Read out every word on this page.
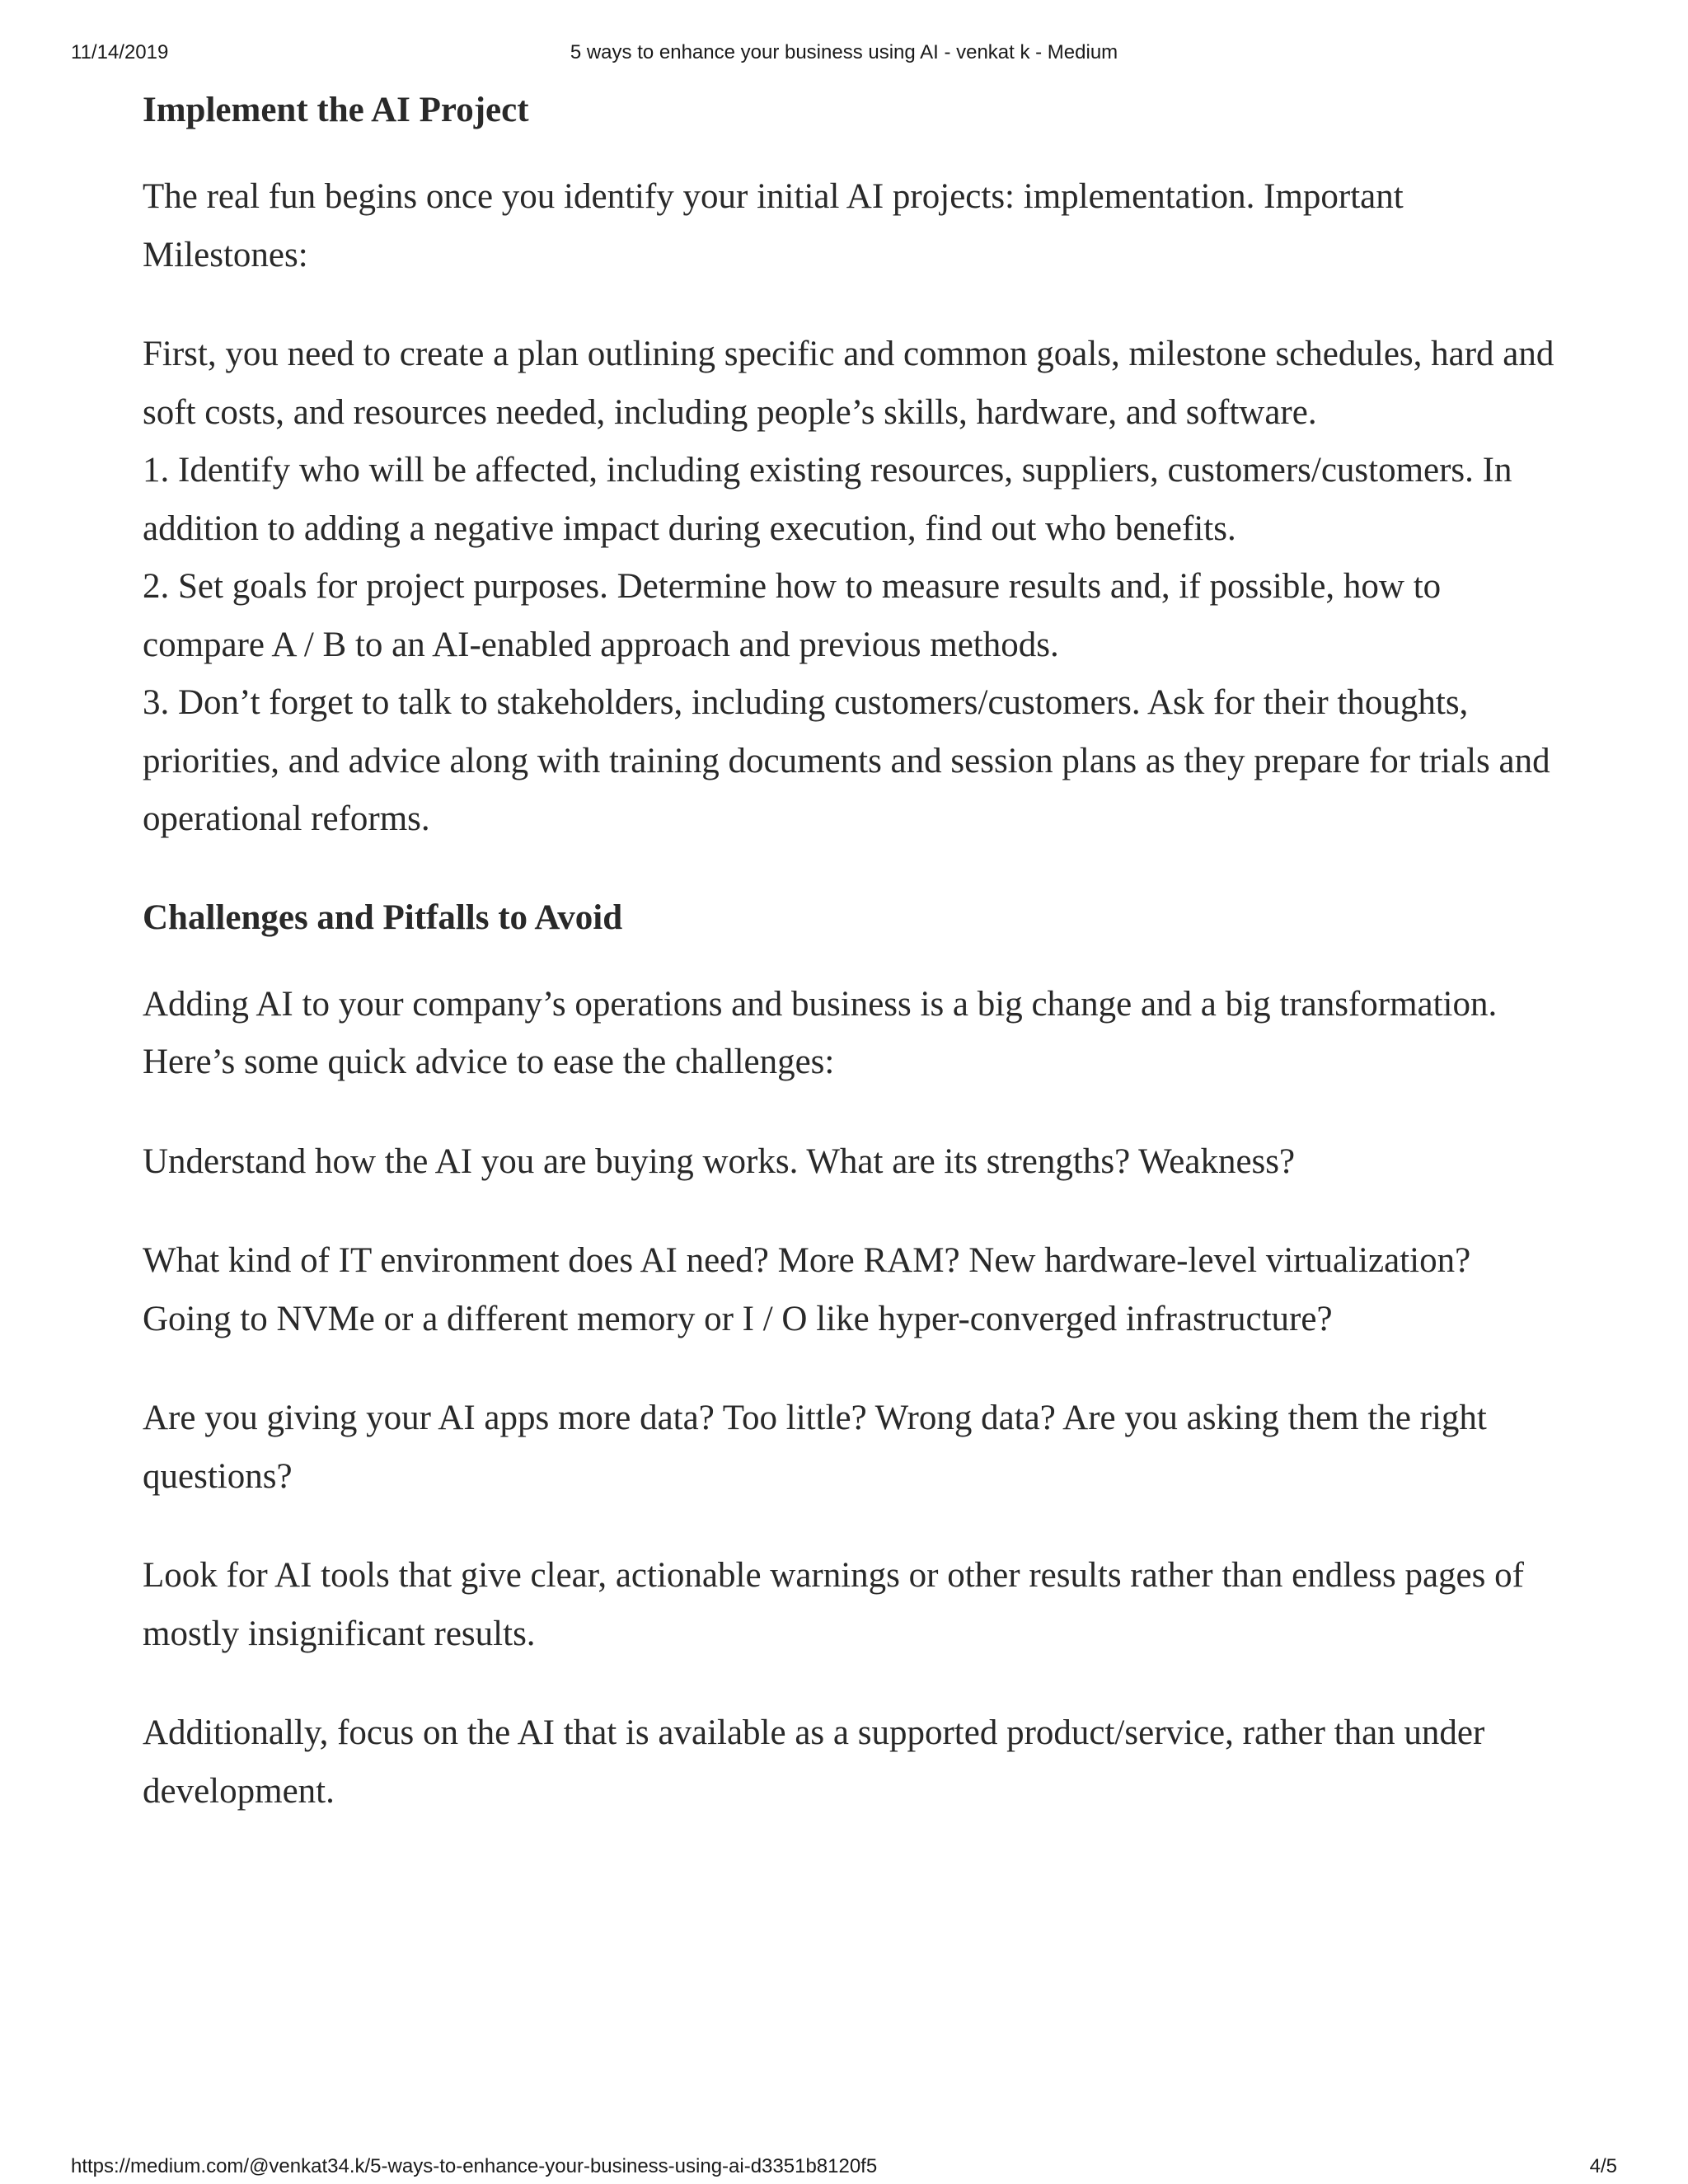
11/14/2019	5 ways to enhance your business using AI - venkat k - Medium
Implement the AI Project

The real fun begins once you identify your initial AI projects: implementation. Important Milestones:

First, you need to create a plan outlining specific and common goals, milestone schedules, hard and soft costs, and resources needed, including people’s skills, hardware, and software.
1. Identify who will be affected, including existing resources, suppliers, customers/customers. In addition to adding a negative impact during execution, find out who benefits.
2. Set goals for project purposes. Determine how to measure results and, if possible, how to compare A / B to an AI-enabled approach and previous methods.
3. Don’t forget to talk to stakeholders, including customers/customers. Ask for their thoughts, priorities, and advice along with training documents and session plans as they prepare for trials and operational reforms.

Challenges and Pitfalls to Avoid

Adding AI to your company’s operations and business is a big change and a big transformation. Here’s some quick advice to ease the challenges:

Understand how the AI you are buying works. What are its strengths? Weakness?

What kind of IT environment does AI need? More RAM? New hardware-level virtualization? Going to NVMe or a different memory or I / O like hyper-converged infrastructure?

Are you giving your AI apps more data? Too little? Wrong data? Are you asking them the right questions?

Look for AI tools that give clear, actionable warnings or other results rather than endless pages of mostly insignificant results.

Additionally, focus on the AI that is available as a supported product/service, rather than under development.

https://medium.com/@venkat34.k/5-ways-to-enhance-your-business-using-ai-d3351b8120f5	4/5
